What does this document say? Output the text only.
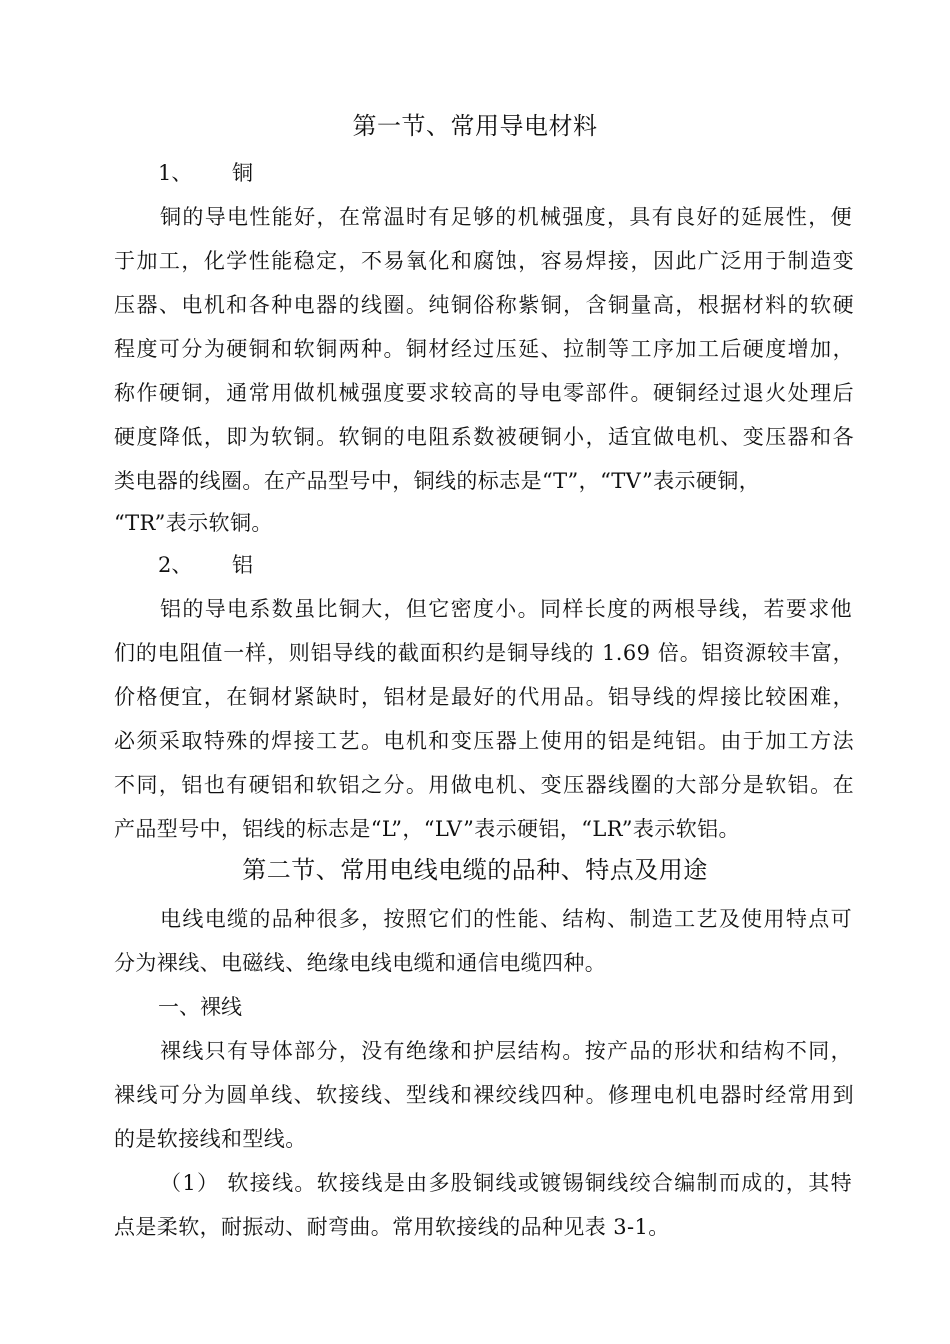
第一节、常用导电材料
1、 铜
铜的导电性能好，在常温时有足够的机械强度，具有良好的延展性，便
于加工，化学性能稳定，不易氧化和腐蚀，容易焊接，因此广泛用于制造变
压器、电机和各种电器的线圈。纯铜俗称紫铜，含铜量高，根据材料的软硬
程度可分为硬铜和软铜两种。铜材经过压延、拉制等工序加工后硬度增加，
称作硬铜，通常用做机械强度要求较高的导电零部件。硬铜经过退火处理后
硬度降低，即为软铜。软铜的电阻系数被硬铜小，适宜做电机、变压器和各
类电器的线圈。在产品型号中，铜线的标志是“T”，“TV”表示硬铜，
“TR”表示软铜。
2、 铝
铝的导电系数虽比铜大，但它密度小。同样长度的两根导线，若要求他
们的电阻值一样，则铝导线的截面积约是铜导线的 1.69 倍。铝资源较丰富，
价格便宜，在铜材紧缺时，铝材是最好的代用品。铝导线的焊接比较困难，
必须采取特殊的焊接工艺。电机和变压器上使用的铝是纯铝。由于加工方法
不同，铝也有硬铝和软铝之分。用做电机、变压器线圈的大部分是软铝。在
产品型号中，铝线的标志是“L”，“LV”表示硬铝，“LR”表示软铝。
第二节、常用电线电缆的品种、特点及用途
电线电缆的品种很多，按照它们的性能、结构、制造工艺及使用特点可
分为裸线、电磁线、绝缘电线电缆和通信电缆四种。
一、裸线
裸线只有导体部分，没有绝缘和护层结构。按产品的形状和结构不同，
裸线可分为圆单线、软接线、型线和裸绞线四种。修理电机电器时经常用到
的是软接线和型线。
（1） 软接线。软接线是由多股铜线或镀锡铜线绞合编制而成的，其特
点是柔软，耐振动、耐弯曲。常用软接线的品种见表 3-1。
